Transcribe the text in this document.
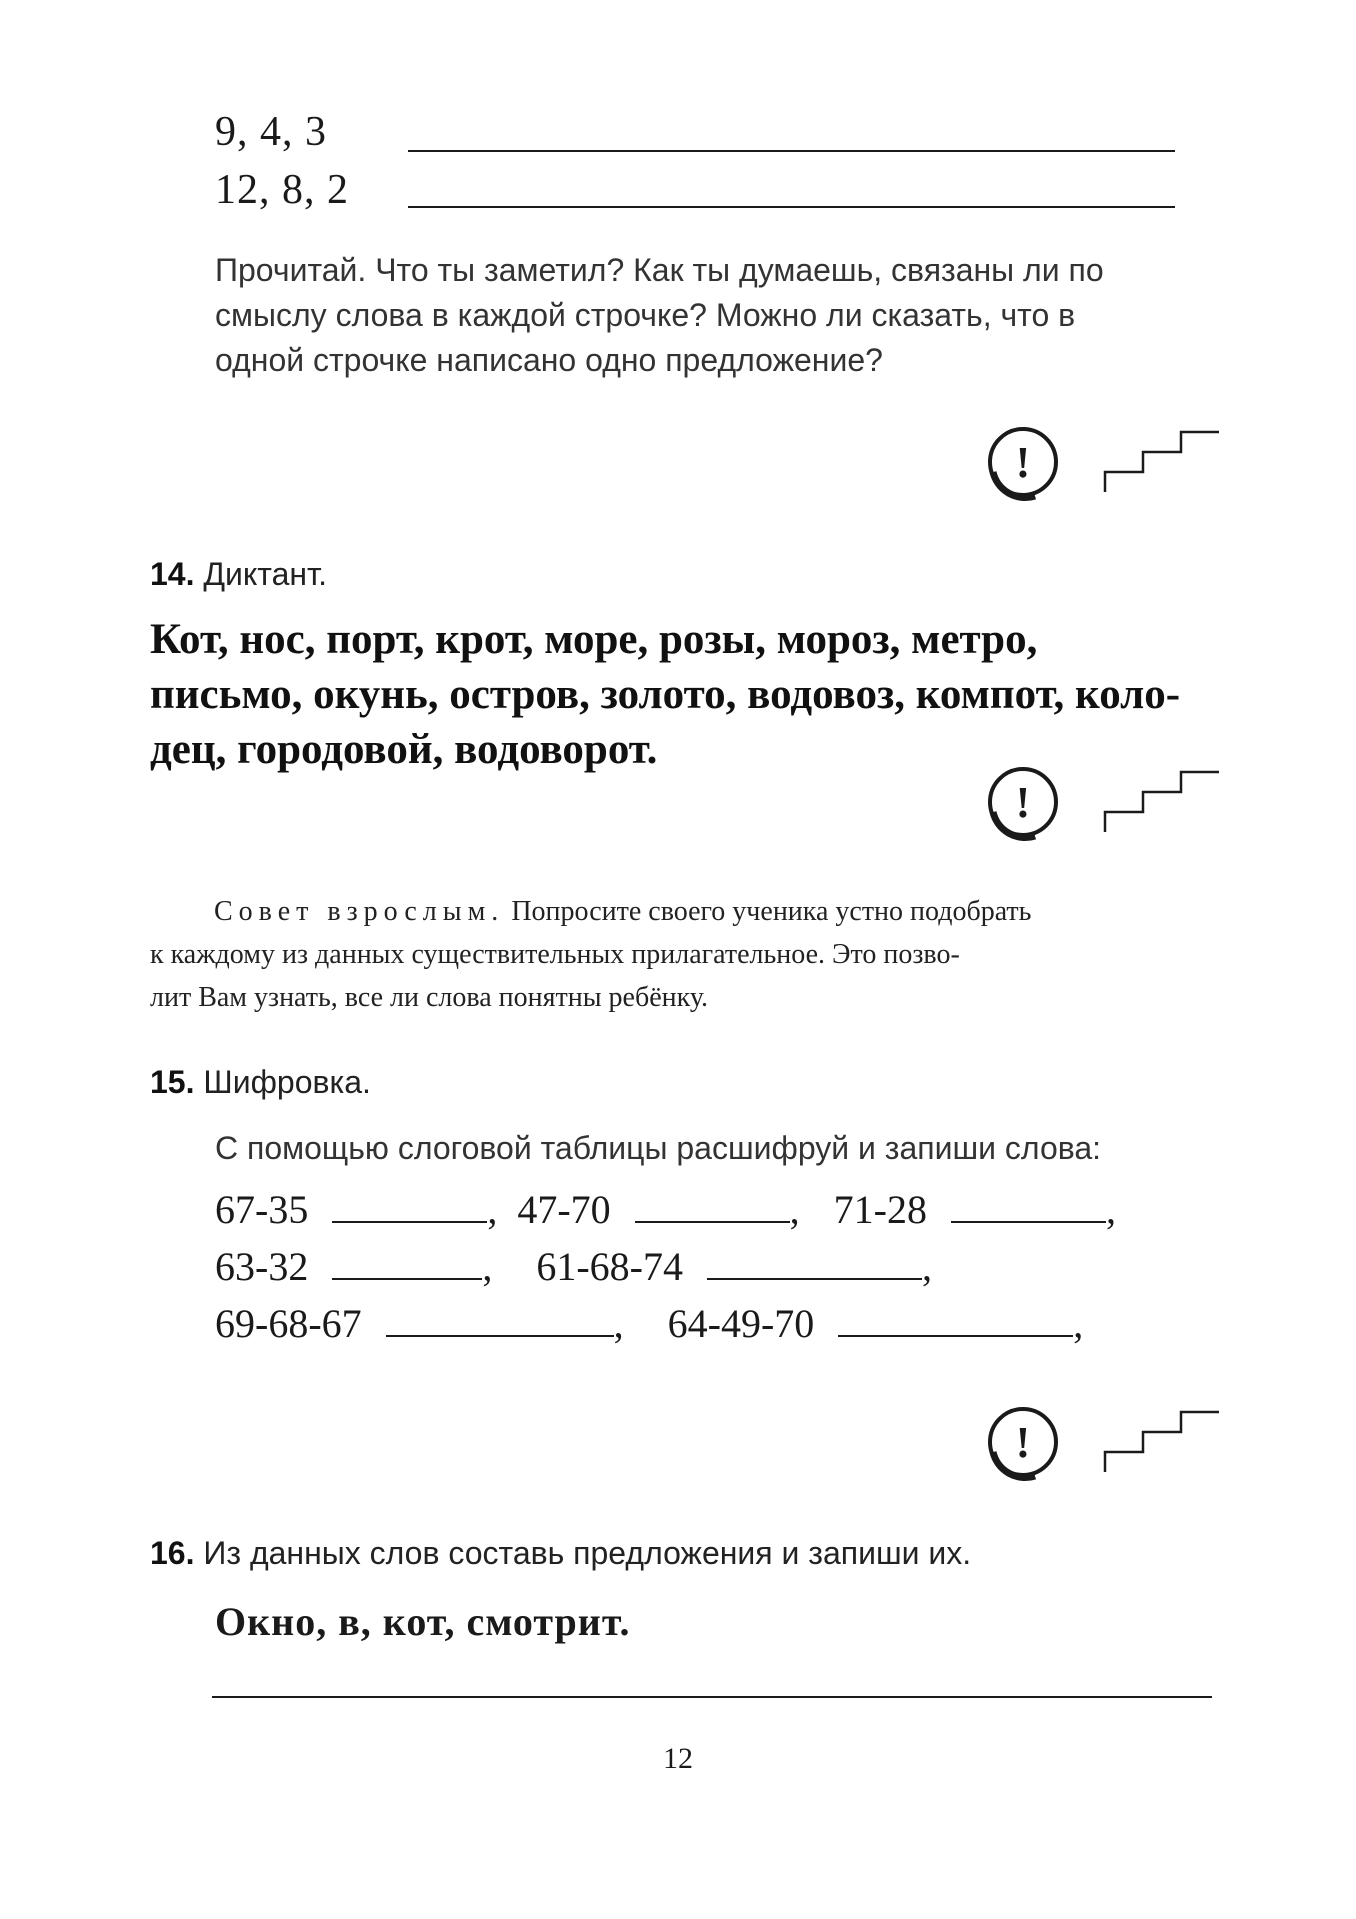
9, 4, 3
12, 8, 2
Прочитай. Что ты заметил? Как ты думаешь, связаны ли по
смыслу слова в каждой строчке? Можно ли сказать, что в
одной строчке написано одно предложение?
!
14. Диктант.
Кот, нос, порт, крот, море, розы, мороз, метро,
письмо, окунь, остров, золото, водовоз, компот, коло-
дец, городовой, водоворот.
!
Совет взрослым. Попросите своего ученика устно подобрать
к каждому из данных существительных прилагательное. Это позво-
лит Вам узнать, все ли слова понятны ребёнку.
15. Шифровка.
С помощью слоговой таблицы расшифруй и запиши слова:
67-35	, 47-70	, 71-28	,
63-32	, 61-68-74	,
69-68-67	, 64-49-70	,
!
16. Из данных слов составь предложения и запиши их.
Окно, в, кот, смотрит.
12
